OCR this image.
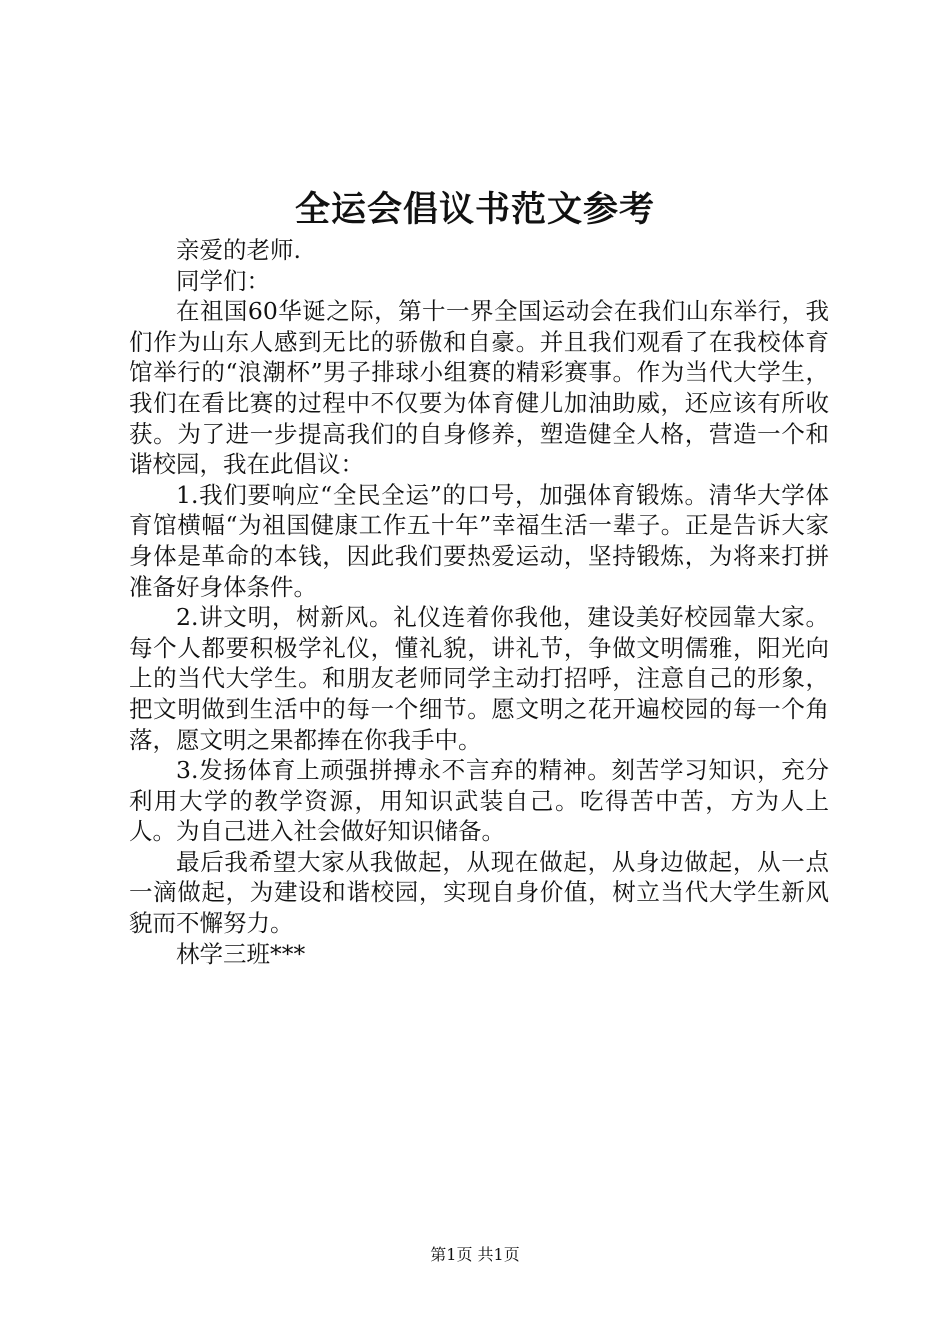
全运会倡议书范文参考

亲爱的老师.

同学们：

在祖国60华诞之际，第十一界全国运动会在我们山东举行，我们作为山东人感到无比的骄傲和自豪。并且我们观看了在我校体育馆举行的“浪潮杯”男子排球小组赛的精彩赛事。作为当代大学生，我们在看比赛的过程中不仅要为体育健儿加油助威，还应该有所收获。为了进一步提高我们的自身修养，塑造健全人格，营造一个和谐校园，我在此倡议：

1.我们要响应“全民全运”的口号，加强体育锻炼。清华大学体育馆横幅“为祖国健康工作五十年”幸福生活一辈子。正是告诉大家身体是革命的本钱，因此我们要热爱运动，坚持锻炼，为将来打拼准备好身体条件。

2.讲文明，树新风。礼仪连着你我他，建设美好校园靠大家。每个人都要积极学礼仪，懂礼貌，讲礼节，争做文明儒雅，阳光向上的当代大学生。和朋友老师同学主动打招呼，注意自己的形象，把文明做到生活中的每一个细节。愿文明之花开遍校园的每一个角落，愿文明之果都捧在你我手中。

3.发扬体育上顽强拼搏永不言弃的精神。刻苦学习知识，充分利用大学的教学资源，用知识武装自己。吃得苦中苦，方为人上人。为自己进入社会做好知识储备。

最后我希望大家从我做起，从现在做起，从身边做起，从一点一滴做起，为建设和谐校园，实现自身价值，树立当代大学生新风貌而不懈努力。

林学三班***

第1页 共1页
